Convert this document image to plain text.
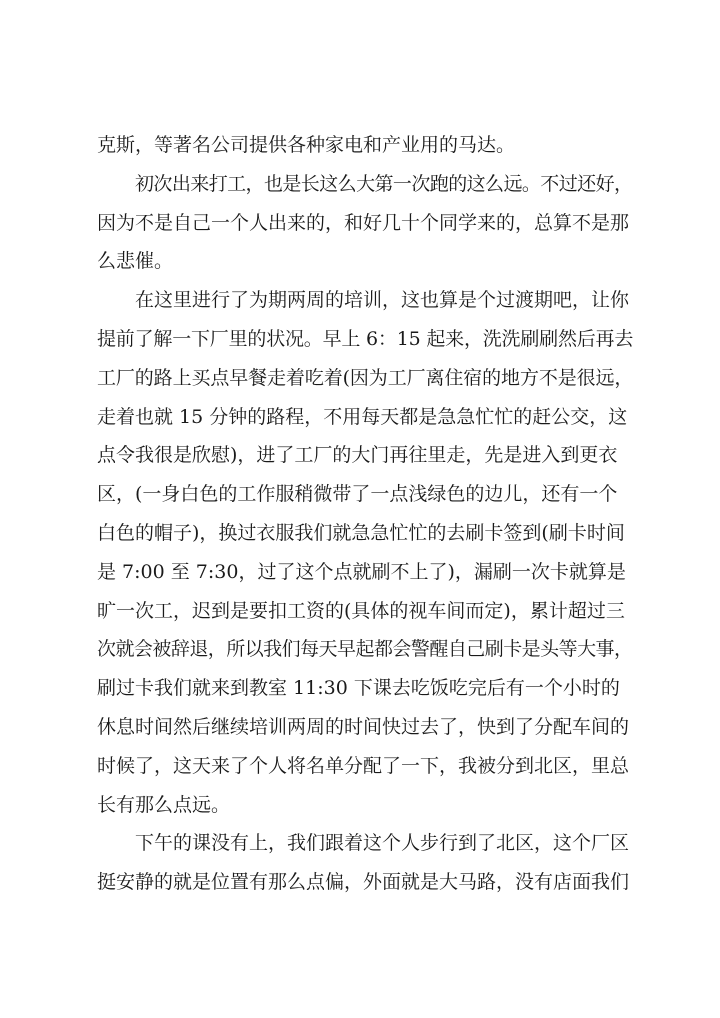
克斯，等著名公司提供各种家电和产业用的马达。
初次出来打工，也是长这么大第一次跑的这么远。不过还好，
因为不是自己一个人出来的，和好几十个同学来的，总算不是那
么悲催。
在这里进行了为期两周的培训，这也算是个过渡期吧，让你
提前了解一下厂里的状况。早上 6：15 起来，洗洗刷刷然后再去
工厂的路上买点早餐走着吃着(因为工厂离住宿的地方不是很远，
走着也就 15 分钟的路程，不用每天都是急急忙忙的赶公交，这
点令我很是欣慰)，进了工厂的大门再往里走，先是进入到更衣
区，(一身白色的工作服稍微带了一点浅绿色的边儿，还有一个
白色的帽子)，换过衣服我们就急急忙忙的去刷卡签到(刷卡时间
是 7:00 至 7:30，过了这个点就刷不上了)，漏刷一次卡就算是
旷一次工，迟到是要扣工资的(具体的视车间而定)，累计超过三
次就会被辞退，所以我们每天早起都会警醒自己刷卡是头等大事，
刷过卡我们就来到教室 11:30 下课去吃饭吃完后有一个小时的
休息时间然后继续培训两周的时间快过去了，快到了分配车间的
时候了，这天来了个人将名单分配了一下，我被分到北区，里总
长有那么点远。
下午的课没有上，我们跟着这个人步行到了北区，这个厂区
挺安静的就是位置有那么点偏，外面就是大马路，没有店面我们
